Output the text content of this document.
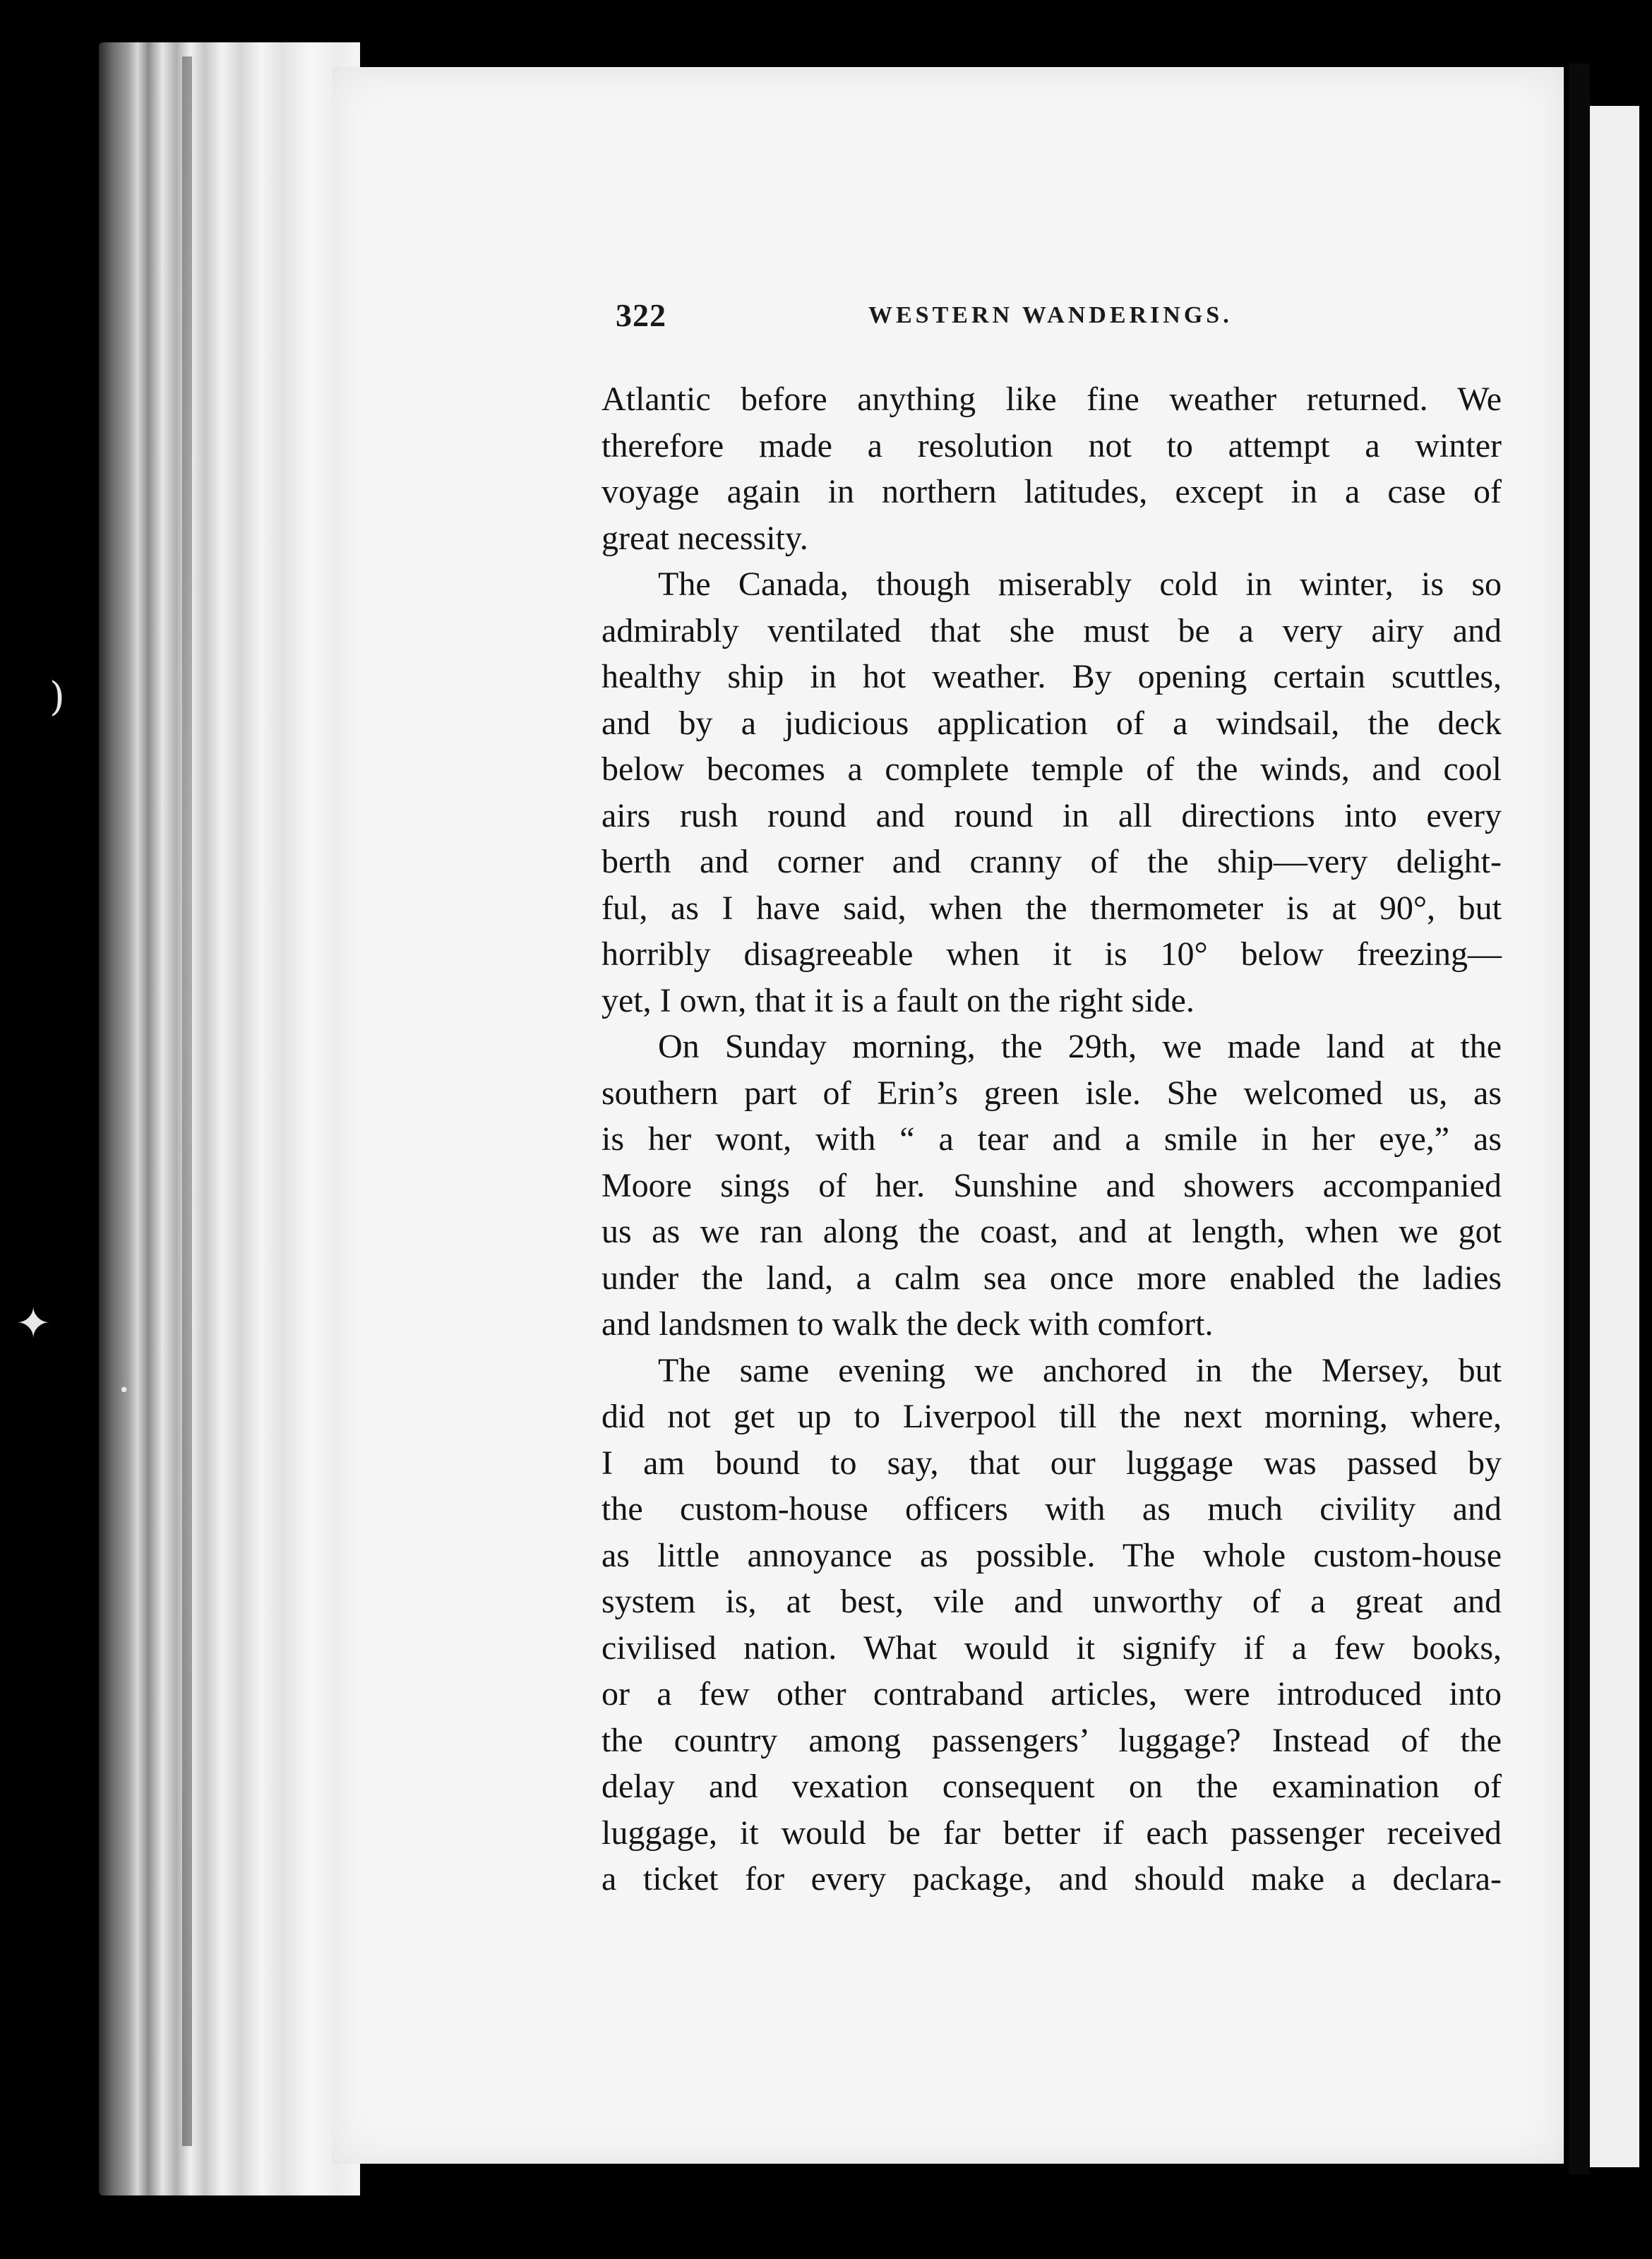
)
✦
•
322	WESTERN WANDERINGS.
Atlantic before anything like fine weather returned. We
therefore made a resolution not to attempt a winter
voyage again in northern latitudes, except in a case of
great necessity.
The Canada, though miserably cold in winter, is so
admirably ventilated that she must be a very airy and
healthy ship in hot weather. By opening certain scuttles,
and by a judicious application of a windsail, the deck
below becomes a complete temple of the winds, and cool
airs rush round and round in all directions into every
berth and corner and cranny of the ship—very delight-
ful, as I have said, when the thermometer is at 90°, but
horribly disagreeable when it is 10° below freezing—
yet, I own, that it is a fault on the right side.
On Sunday morning, the 29th, we made land at the
southern part of Erin’s green isle. She welcomed us, as
is her wont, with “ a tear and a smile in her eye,” as
Moore sings of her. Sunshine and showers accompanied
us as we ran along the coast, and at length, when we got
under the land, a calm sea once more enabled the ladies
and landsmen to walk the deck with comfort.
The same evening we anchored in the Mersey, but
did not get up to Liverpool till the next morning, where,
I am bound to say, that our luggage was passed by
the custom-house officers with as much civility and
as little annoyance as possible. The whole custom-house
system is, at best, vile and unworthy of a great and
civilised nation. What would it signify if a few books,
or a few other contraband articles, were introduced into
the country among passengers’ luggage? Instead of the
delay and vexation consequent on the examination of
luggage, it would be far better if each passenger received
a ticket for every package, and should make a declara-
